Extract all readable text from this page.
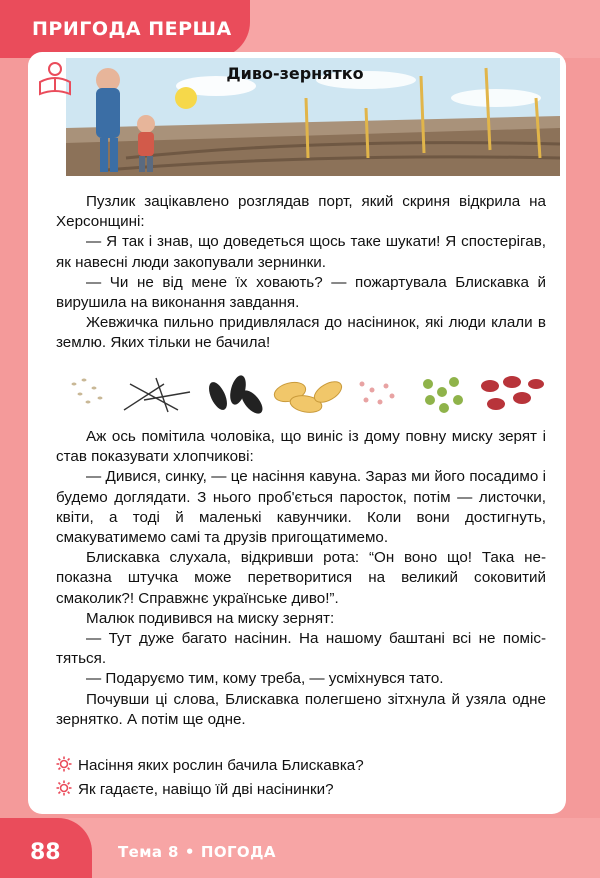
ПРИГОДА ПЕРША
Диво-зернятко

Пузлик зацікавлено розглядав порт, який скриня відкрила на Херсонщині:

— Я так і знав, що доведеться щось таке шукати! Я спостерігав, як навесні люди закопували зернинки.

— Чи не від мене їх ховають? — пожартувала Блискавка й вирушила на виконання завдання.

Жевжичка пильно придивлялася до насінинок, які люди клали в землю. Яких тільки не бачила!

Аж ось помітила чоловіка, що виніс із дому повну миску зерят і став показувати хлопчикові:

— Дивися, синку, — це насіння кавуна. Зараз ми його посадимо і будемо доглядати. З нього проб'ється паросток, потім — листочки, квіти, а тоді й маленькі кавунчики. Коли вони достигнуть, смакуватимемо самі та друзів пригощатимемо.

Блискавка слухала, відкривши рота: “Он воно що! Така непоказна штучка може перетворитися на великий соковитий смаколик?! Справжнє українське диво!”.

Малюк подивився на миску зернят:

— Тут дуже багато насінин. На нашому баштані всі не помістяться.

— Подаруємо тим, кому треба, — усміхнувся тато.

Почувши ці слова, Блискавка полегшено зітхнула й узяла одне зернятко. А потім ще одне.

Насіння яких рослин бачила Блискавка?
Як гадаєте, навіщо їй дві насінинки?
88	Тема 8 • ПОГОДА
